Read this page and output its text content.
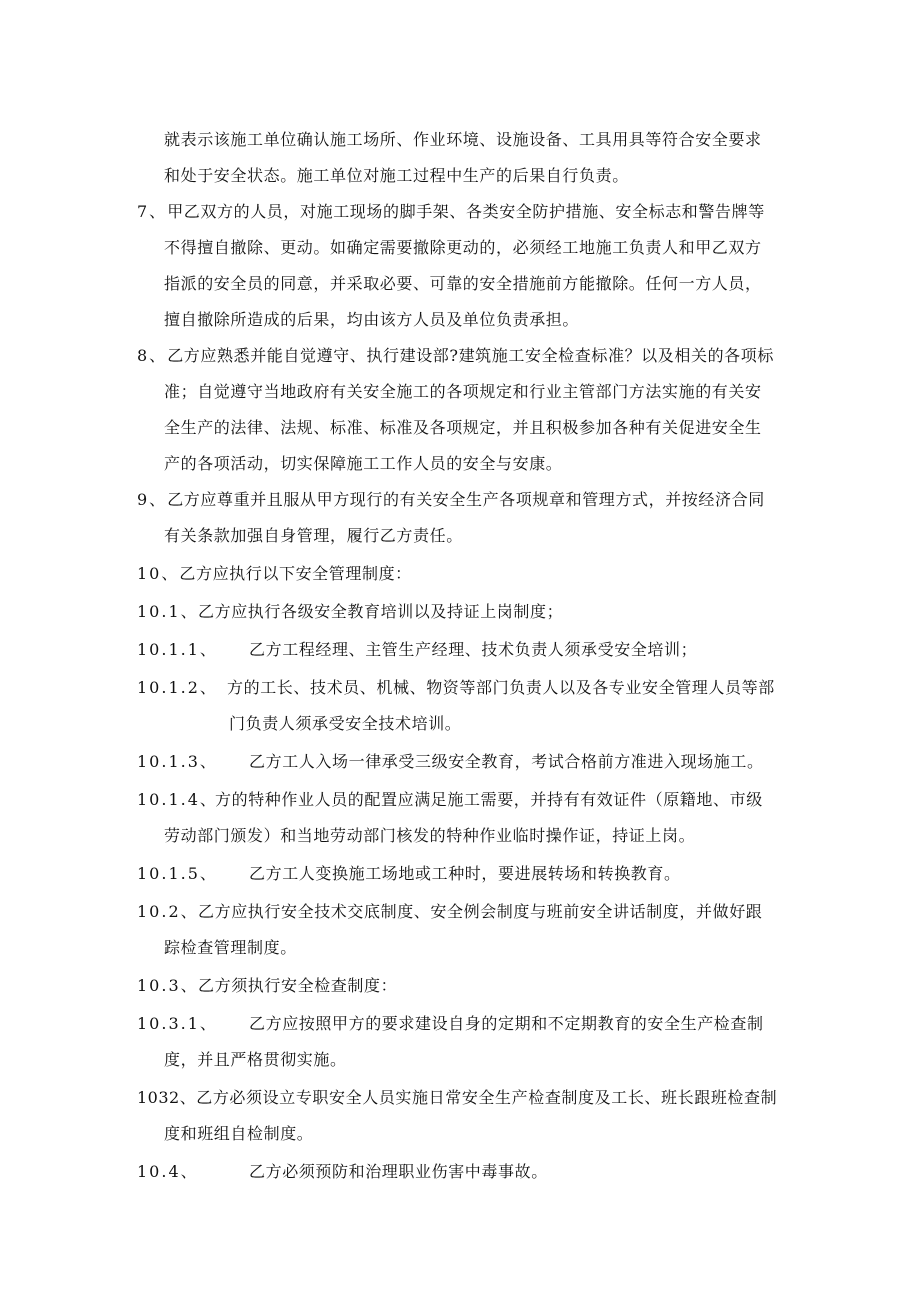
就表示该施工单位确认施工场所、作业环境、设施设备、工具用具等符合安全要求
和处于安全状态。施工单位对施工过程中生产的后果自行负责。
7、甲乙双方的人员，对施工现场的脚手架、各类安全防护措施、安全标志和警告牌等
不得擅自撤除、更动。如确定需要撤除更动的，必须经工地施工负责人和甲乙双方
指派的安全员的同意，并采取必要、可靠的安全措施前方能撤除。任何一方人员，
擅自撤除所造成的后果，均由该方人员及单位负责承担。
8、乙方应熟悉并能自觉遵守、执行建设部?建筑施工安全检查标准？以及相关的各项标
准；自觉遵守当地政府有关安全施工的各项规定和行业主管部门方法实施的有关安
全生产的法律、法规、标准、标准及各项规定，并且积极参加各种有关促进安全生
产的各项活动，切实保障施工工作人员的安全与安康。
9、乙方应尊重并且服从甲方现行的有关安全生产各项规章和管理方式，并按经济合同
有关条款加强自身管理，履行乙方责任。
10、乙方应执行以下安全管理制度：
10.1、乙方应执行各级安全教育培训以及持证上岗制度；
10.1.1、 乙方工程经理、主管生产经理、技术负责人须承受安全培训；
10.1.2、 方的工长、技术员、机械、物资等部门负责人以及各专业安全管理人员等部
门负责人须承受安全技术培训。
10.1.3、 乙方工人入场一律承受三级安全教育，考试合格前方准进入现场施工。
10.1.4、方的特种作业人员的配置应满足施工需要，并持有有效证件（原籍地、市级
劳动部门颁发）和当地劳动部门核发的特种作业临时操作证，持证上岗。
10.1.5、 乙方工人变换施工场地或工种时，要进展转场和转换教育。
10.2、乙方应执行安全技术交底制度、安全例会制度与班前安全讲话制度，并做好跟
踪检查管理制度。
10.3、乙方须执行安全检查制度：
10.3.1、 乙方应按照甲方的要求建设自身的定期和不定期教育的安全生产检查制
度，并且严格贯彻实施。
1032、乙方必须设立专职安全人员实施日常安全生产检查制度及工长、班长跟班检查制
度和班组自检制度。
10.4、	乙方必须预防和治理职业伤害中毒事故。
